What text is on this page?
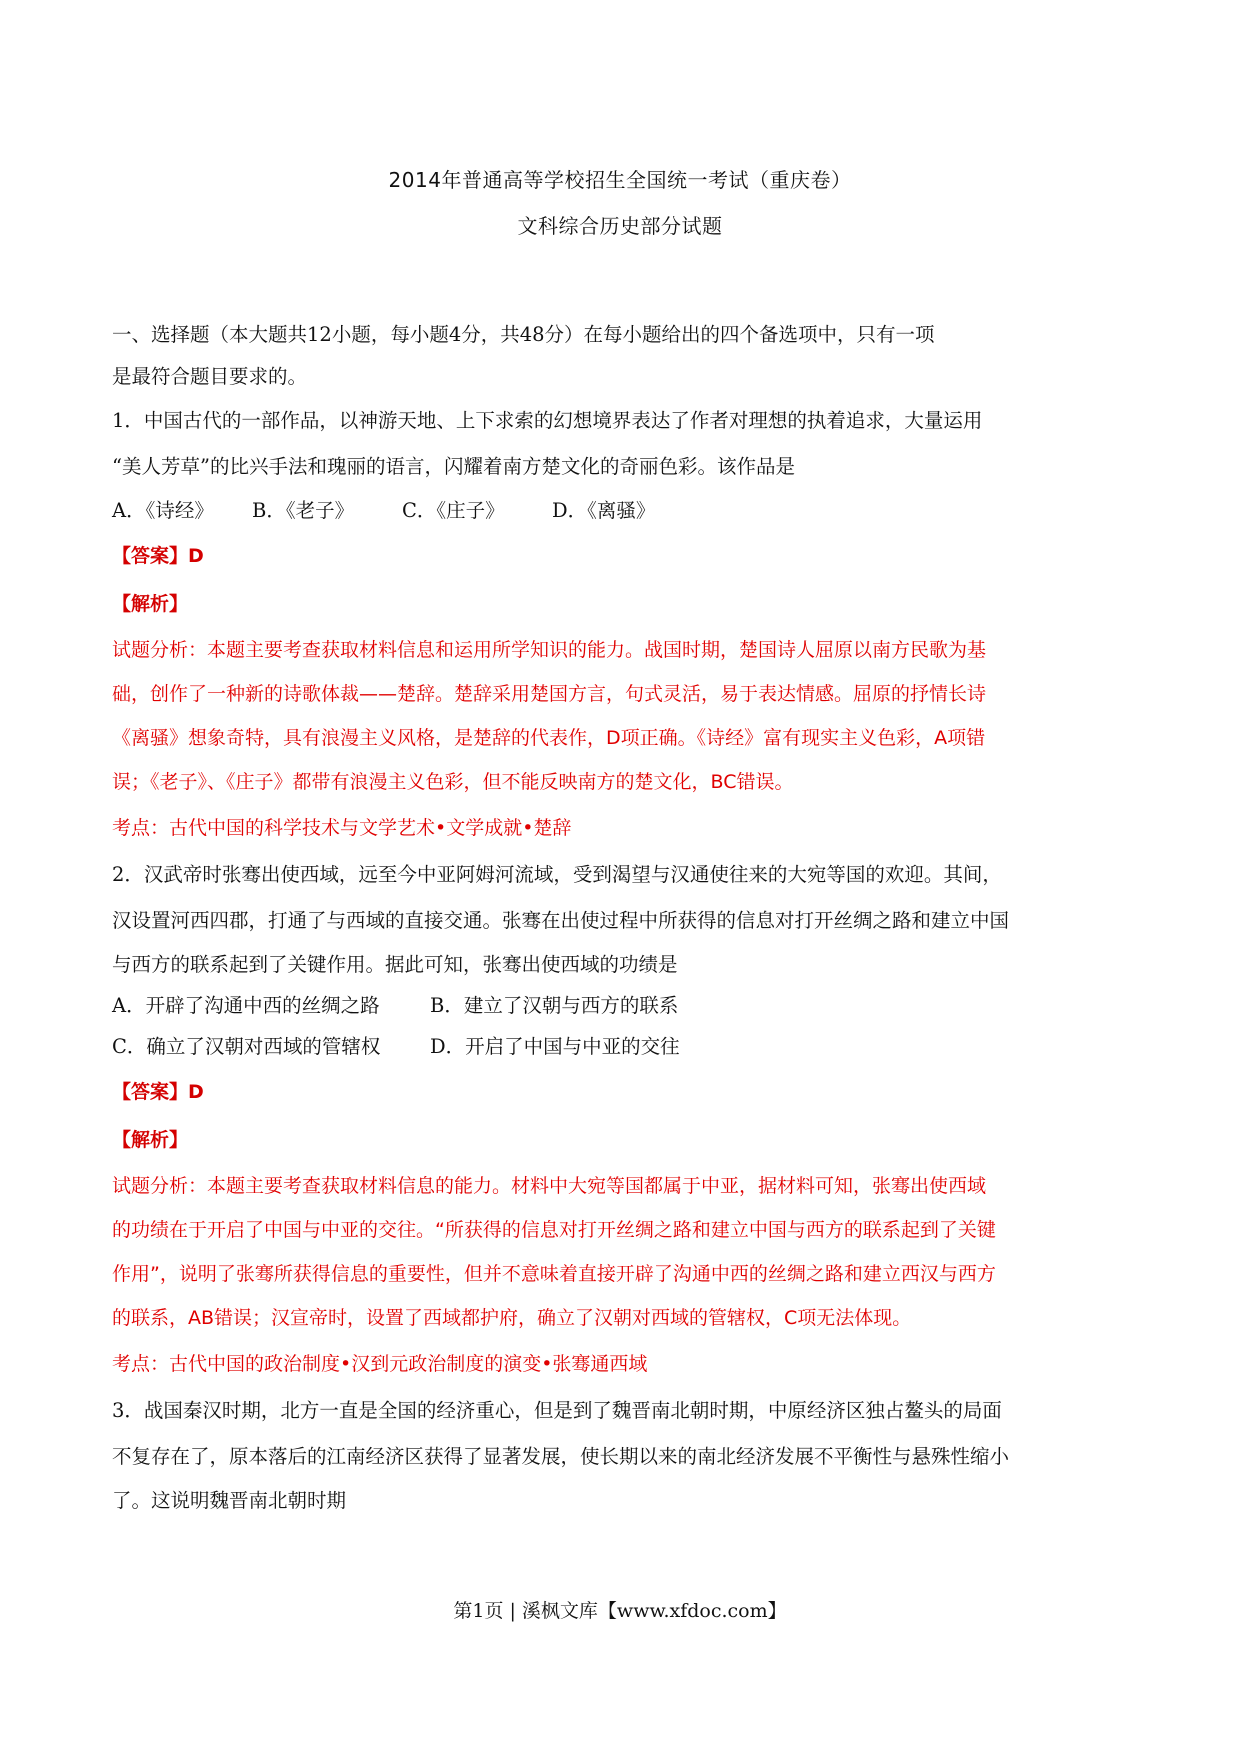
2014年普通高等学校招生全国统一考试（重庆卷）
文科综合历史部分试题
一、选择题（本大题共12小题，每小题4分，共48分）在每小题给出的四个备选项中，只有一项
是最符合题目要求的。
1．中国古代的一部作品，以神游天地、上下求索的幻想境界表达了作者对理想的执着追求，大量运用
“美人芳草”的比兴手法和瑰丽的语言，闪耀着南方楚文化的奇丽色彩。该作品是
A．《诗经》	B．《老子》	C．《庄子》	D．《离骚》
【答案】D
【解析】
试题分析：本题主要考查获取材料信息和运用所学知识的能力。战国时期，楚国诗人屈原以南方民歌为基
础，创作了一种新的诗歌体裁——楚辞。楚辞采用楚国方言，句式灵活，易于表达情感。屈原的抒情长诗
《离骚》想象奇特，具有浪漫主义风格，是楚辞的代表作，D项正确。《诗经》富有现实主义色彩，A项错
误；《老子》、《庄子》都带有浪漫主义色彩，但不能反映南方的楚文化，BC错误。
考点：古代中国的科学技术与文学艺术•文学成就•楚辞
2．汉武帝时张骞出使西域，远至今中亚阿姆河流域，受到渴望与汉通使往来的大宛等国的欢迎。其间，
汉设置河西四郡，打通了与西域的直接交通。张骞在出使过程中所获得的信息对打开丝绸之路和建立中国
与西方的联系起到了关键作用。据此可知，张骞出使西域的功绩是
A．开辟了沟通中西的丝绸之路	B．建立了汉朝与西方的联系
C．确立了汉朝对西域的管辖权	D．开启了中国与中亚的交往
【答案】D
【解析】
试题分析：本题主要考查获取材料信息的能力。材料中大宛等国都属于中亚，据材料可知，张骞出使西域
的功绩在于开启了中国与中亚的交往。“所获得的信息对打开丝绸之路和建立中国与西方的联系起到了关键
作用”，说明了张骞所获得信息的重要性，但并不意味着直接开辟了沟通中西的丝绸之路和建立西汉与西方
的联系，AB错误；汉宣帝时，设置了西域都护府，确立了汉朝对西域的管辖权，C项无法体现。
考点：古代中国的政治制度•汉到元政治制度的演变•张骞通西域
3．战国秦汉时期，北方一直是全国的经济重心，但是到了魏晋南北朝时期，中原经济区独占鳌头的局面
不复存在了，原本落后的江南经济区获得了显著发展，使长期以来的南北经济发展不平衡性与悬殊性缩小
了。这说明魏晋南北朝时期
第1页 | 溪枫文库【www.xfdoc.com】
